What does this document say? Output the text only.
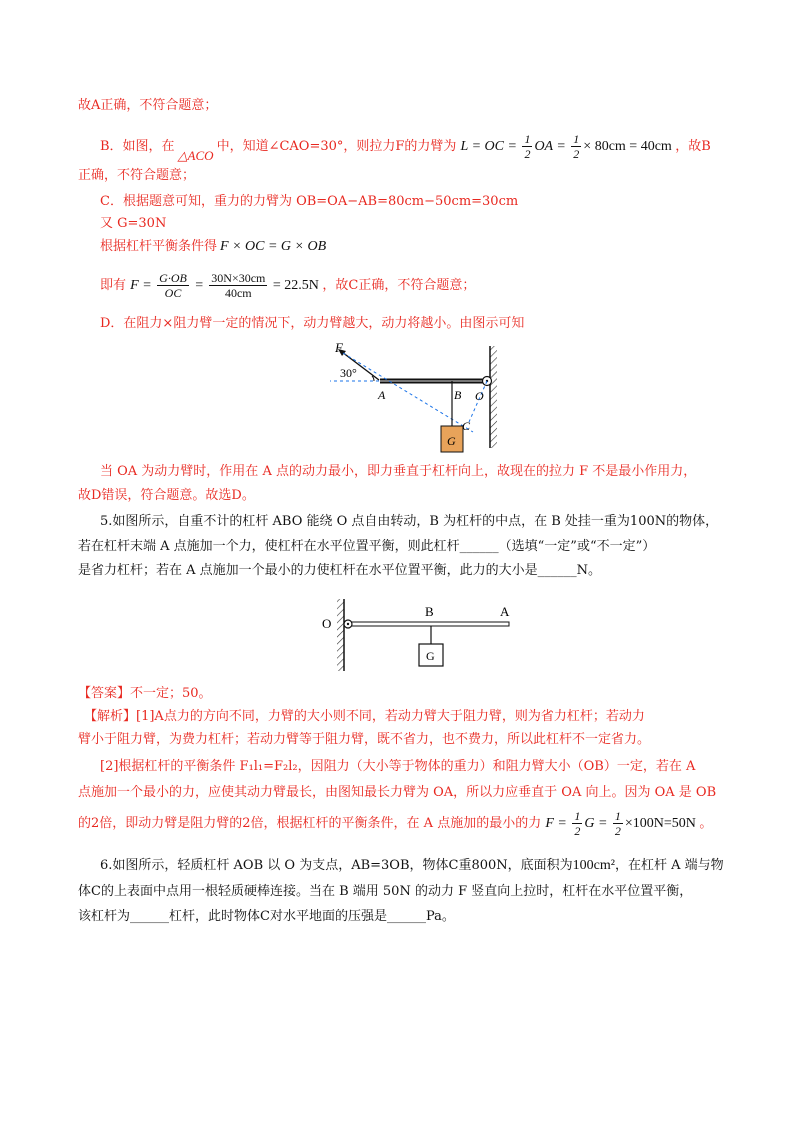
故A正确，不符合题意；
B．如图，在△ACO中，知道∠CAO=30°，则拉力F的力臂为 L = OC = $\frac{1}{2}$ OA = $\frac{1}{2} \times 80cm = 40cm$ ，故B
正确，不符合题意；
C．根据题意可知，重力的力臂为 OB=OA−AB=80cm−50cm=30cm
又 G=30N
根据杠杆平衡条件得 F × OC = G × OB
即有 $F = \frac{G\cdot OB}{OC} = \frac{30N\times 30cm}{40cm} = 22.5N$ ，故C正确，不符合题意；
D．在阻力×阻力臂一定的情况下，动力臂越大，动力将越小。由图示可知
F
30°
A	B O
C
G
当 OA 为动力臂时，作用在 A 点的动力最小，即力垂直于杠杆向上，故现在的拉力 F 不是最小作用力，
故D错误，符合题意。故选D。
5.如图所示，自重不计的杠杆 ABO 能绕 O 点自由转动，B 为杠杆的中点，在 B 处挂一重为100N的物体，
若在杠杆末端 A 点施加一个力，使杠杆在水平位置平衡，则此杠杆______（选填“一定”或“不一定”）
是省力杠杆；若在 A 点施加一个最小的力使杠杆在水平位置平衡，此力的大小是______N。
O
B	A
G
【答案】不一定；50。
【解析】[1]A点力的方向不同，力臂的大小则不同，若动力臂大于阻力臂，则为省力杠杆；若动力
臂小于阻力臂，为费力杠杆；若动力臂等于阻力臂，既不省力，也不费力，所以此杠杆不一定省力。
[2]根据杠杆的平衡条件 F₁l₁=F₂l₂，因阻力（大小等于物体的重力）和阻力臂大小（OB）一定，若在 A
点施加一个最小的力，应使其动力臂最长，由图知最长力臂为 OA，所以力应垂直于 OA 向上。因为 OA 是 OB
的2倍，即动力臂是阻力臂的2倍，根据杠杆的平衡条件，在 A 点施加的最小的力 $F = \frac{1}{2}$ $G = \frac{1}{2} \times 100N=50N$ 。
6.如图所示，轻质杠杆 AOB 以 O 为支点，AB=3OB，物体C重800N，底面积为100cm²，在杠杆 A 端与物
体C的上表面中点用一根轻质硬棒连接。当在 B 端用 50N 的动力 F 竖直向上拉时，杠杆在水平位置平衡，
该杠杆为______杠杆，此时物体C对水平地面的压强是______Pa。
